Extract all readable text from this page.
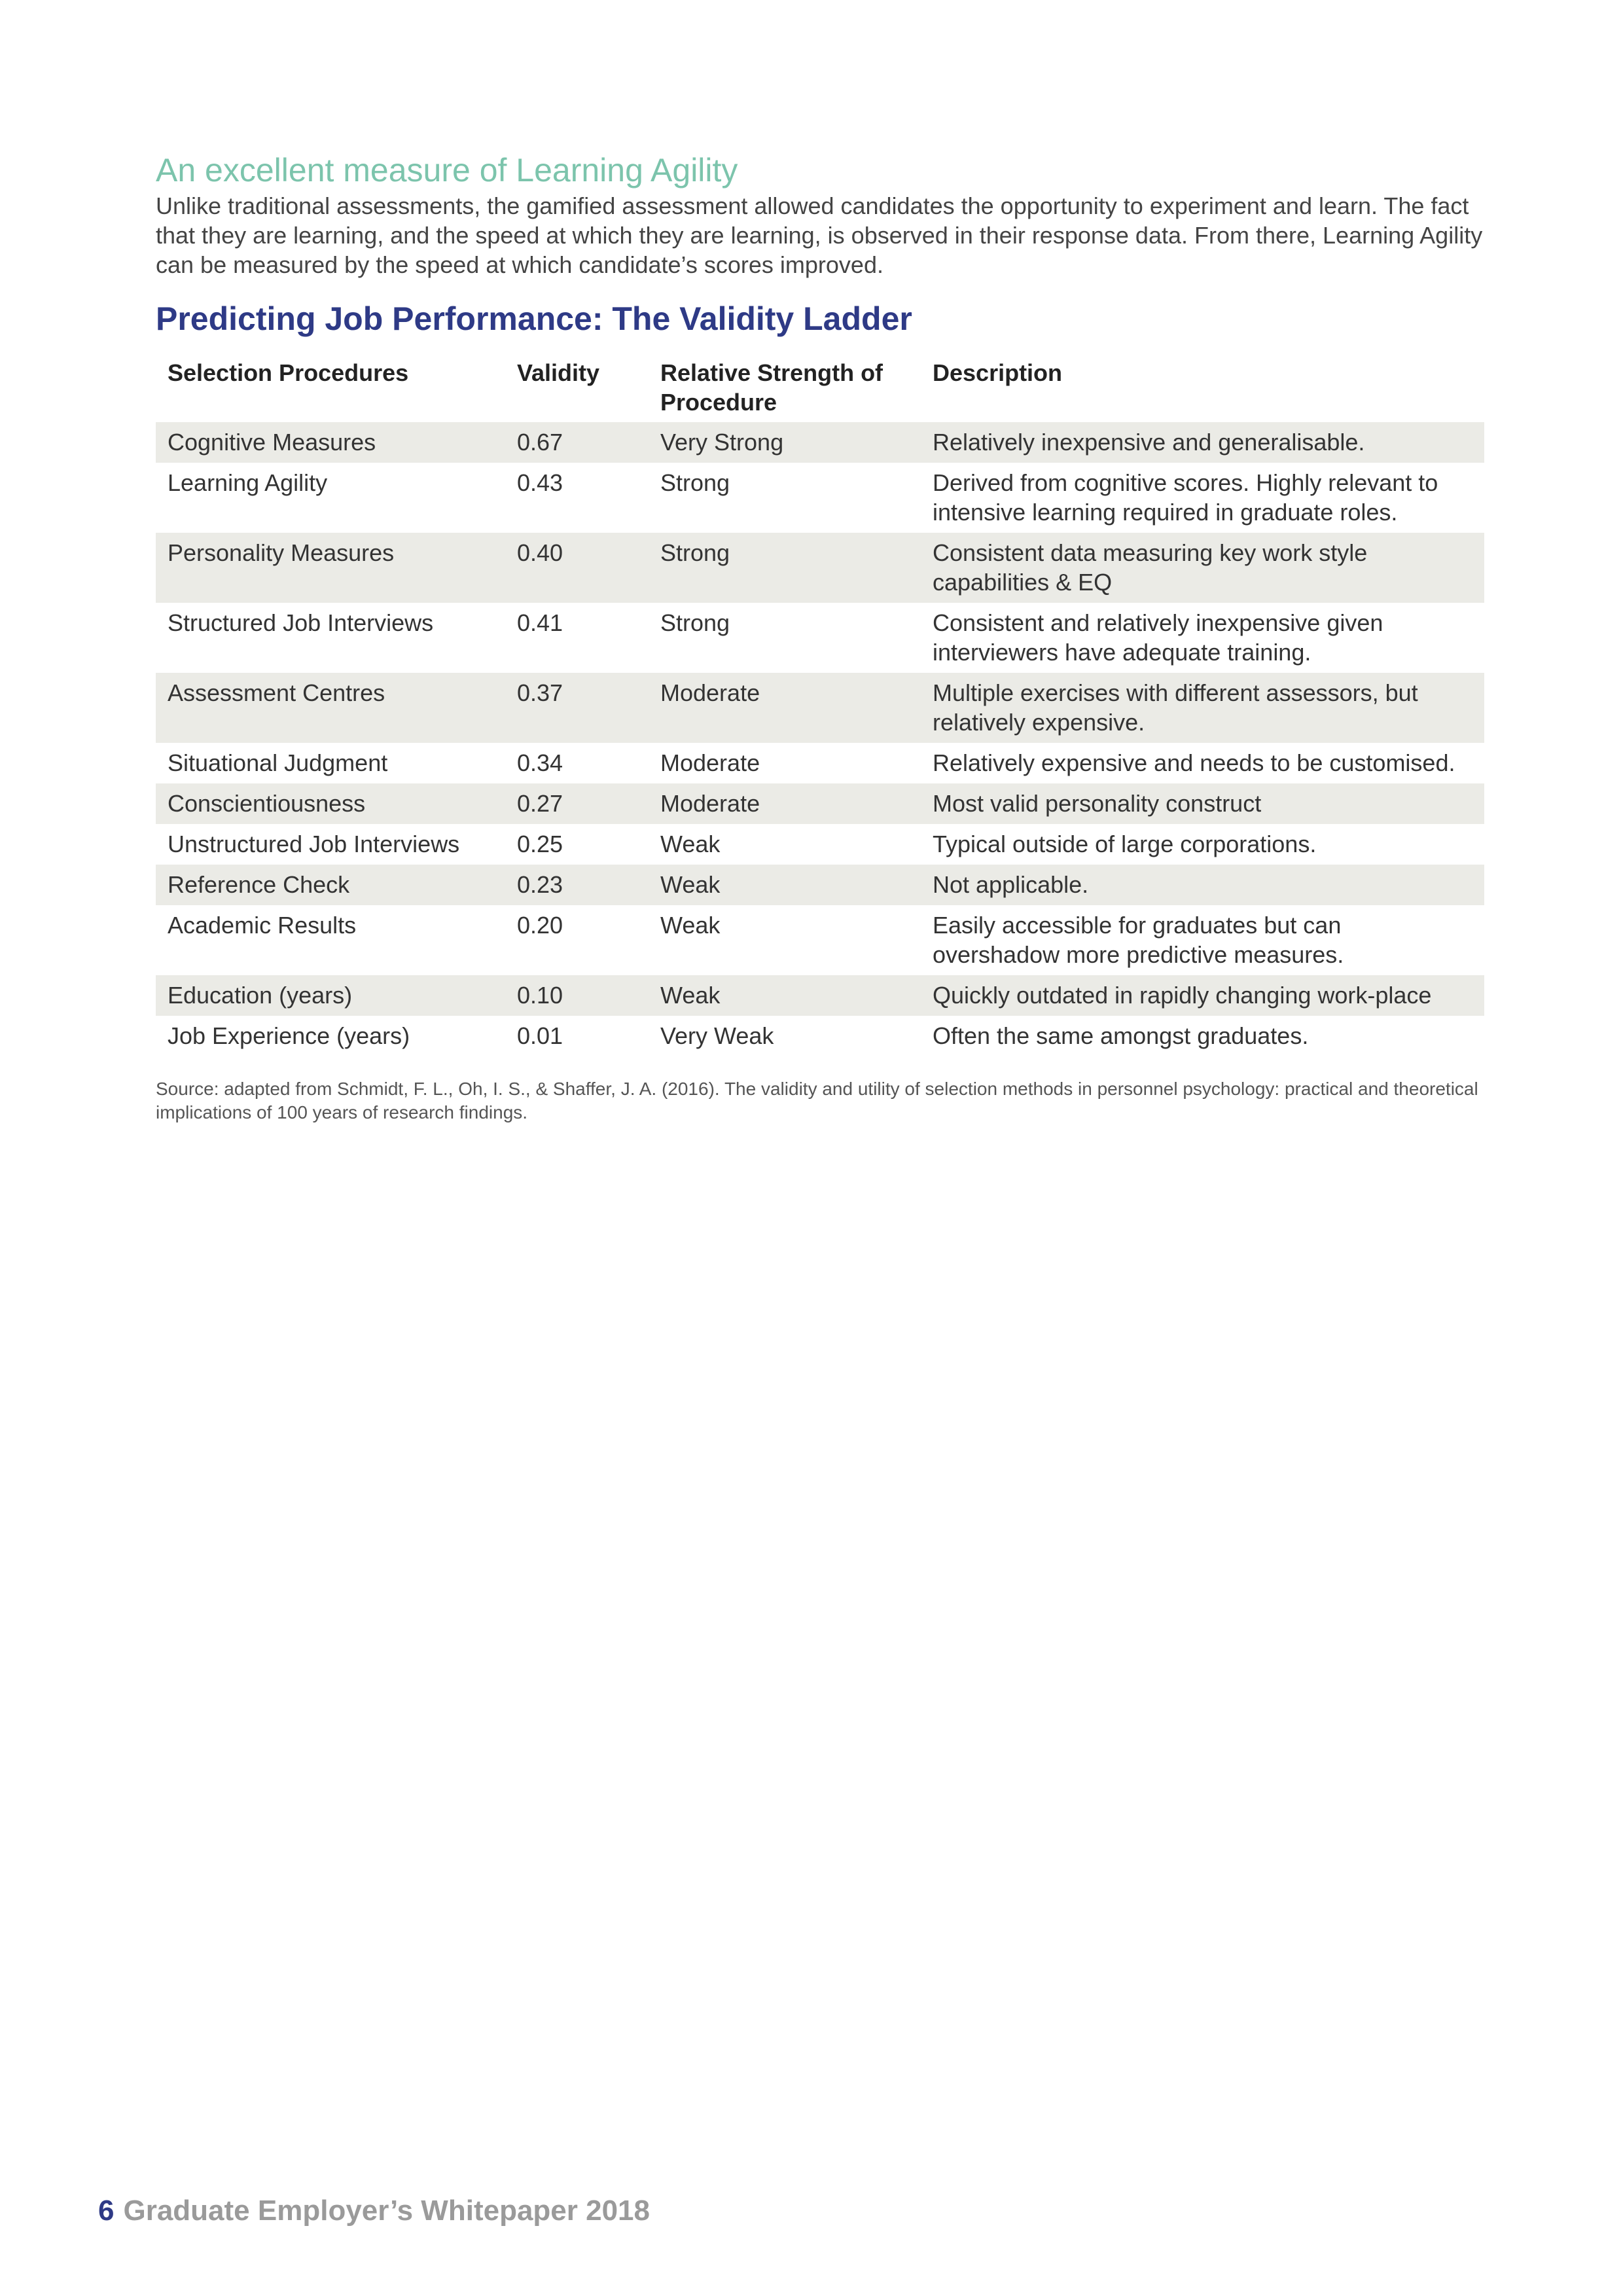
An excellent measure of Learning Agility

Unlike traditional assessments, the gamified assessment allowed candidates the opportunity to experiment and learn. The fact that they are learning, and the speed at which they are learning, is observed in their response data. From there, Learning Agility can be measured by the speed at which candidate’s scores improved.

Predicting Job Performance: The Validity Ladder
Selection Procedures	Validity	Relative Strength of Procedure	Description
Cognitive Measures	0.67	Very Strong	Relatively inexpensive and generalisable.
Learning Agility	0.43	Strong	Derived from cognitive scores. Highly relevant to intensive learning required in graduate roles.
Personality Measures	0.40	Strong	Consistent data measuring key work style capabilities & EQ
Structured Job Interviews	0.41	Strong	Consistent and relatively inexpensive given interviewers have adequate training.
Assessment Centres	0.37	Moderate	Multiple exercises with different assessors, but relatively expensive.
Situational Judgment	0.34	Moderate	Relatively expensive and needs to be customised.
Conscientiousness	0.27	Moderate	Most valid personality construct
Unstructured Job Interviews	0.25	Weak	Typical outside of large corporations.
Reference Check	0.23	Weak	Not applicable.
Academic Results	0.20	Weak	Easily accessible for graduates but can overshadow more predictive measures.
Education (years)	0.10	Weak	Quickly outdated in rapidly changing work-place
Job Experience (years)	0.01	Very Weak	Often the same amongst graduates.

Source: adapted from Schmidt, F. L., Oh, I. S., & Shaffer, J. A. (2016). The validity and utility of selection methods in personnel psychology: practical and theoretical implications of 100 years of research findings.

6 Graduate Employer’s Whitepaper 2018
